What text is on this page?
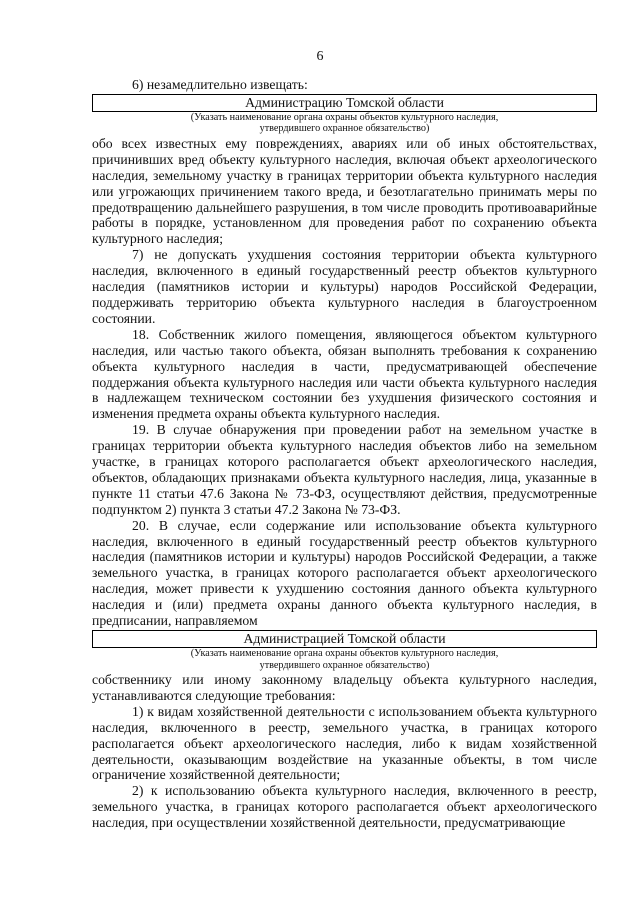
6

6) незамедлительно извещать:

Администрацию Томской области
(Указать наименование органа охраны объектов культурного наследия,
утвердившего охранное обязательство)

обо всех известных ему повреждениях, авариях или об иных обстоятельствах, причинивших вред объекту культурного наследия, включая объект археологического наследия, земельному участку в границах территории объекта культурного наследия или угрожающих причинением такого вреда, и безотлагательно принимать меры по предотвращению дальнейшего разрушения, в том числе проводить противоаварийные работы в порядке, установленном для проведения работ по сохранению объекта культурного наследия;

7) не допускать ухудшения состояния территории объекта культурного наследия, включенного в единый государственный реестр объектов культурного наследия (памятников истории и культуры) народов Российской Федерации, поддерживать территорию объекта культурного наследия в благоустроенном состоянии.

18. Собственник жилого помещения, являющегося объектом культурного наследия, или частью такого объекта, обязан выполнять требования к сохранению объекта культурного наследия в части, предусматривающей обеспечение поддержания объекта культурного наследия или части объекта культурного наследия в надлежащем техническом состоянии без ухудшения физического состояния и изменения предмета охраны объекта культурного наследия.

19. В случае обнаружения при проведении работ на земельном участке в границах территории объекта культурного наследия объектов либо на земельном участке, в границах которого располагается объект археологического наследия, объектов, обладающих признаками объекта культурного наследия, лица, указанные в пункте 11 статьи 47.6 Закона № 73-ФЗ, осуществляют действия, предусмотренные подпунктом 2) пункта 3 статьи 47.2 Закона № 73-ФЗ.

20. В случае, если содержание или использование объекта культурного наследия, включенного в единый государственный реестр объектов культурного наследия (памятников истории и культуры) народов Российской Федерации, а также земельного участка, в границах которого располагается объект археологического наследия, может привести к ухудшению состояния данного объекта культурного наследия и (или) предмета охраны данного объекта культурного наследия, в предписании, направляемом

Администрацией Томской области
(Указать наименование органа охраны объектов культурного наследия,
утвердившего охранное обязательство)

собственнику или иному законному владельцу объекта культурного наследия, устанавливаются следующие требования:

1) к видам хозяйственной деятельности с использованием объекта культурного наследия, включенного в реестр, земельного участка, в границах которого располагается объект археологического наследия, либо к видам хозяйственной деятельности, оказывающим воздействие на указанные объекты, в том числе ограничение хозяйственной деятельности;

2) к использованию объекта культурного наследия, включенного в реестр, земельного участка, в границах которого располагается объект археологического наследия, при осуществлении хозяйственной деятельности, предусматривающие
